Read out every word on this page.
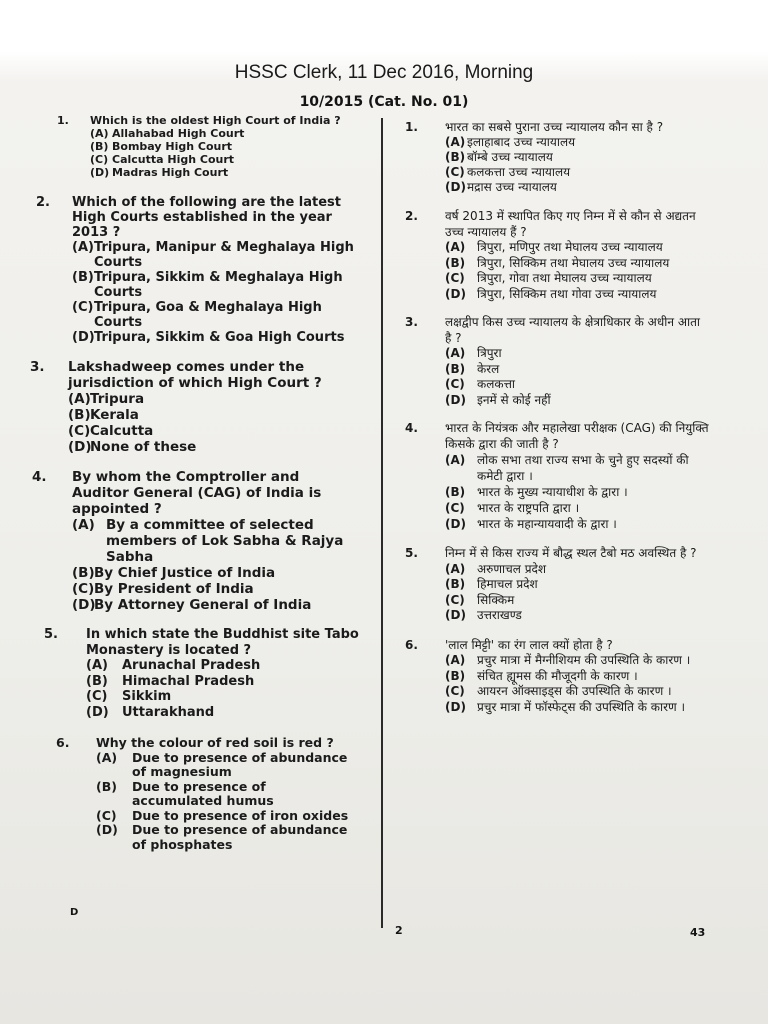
HSSC Clerk, 11 Dec 2016, Morning
10/2015 (Cat. No. 01)
1. Which is the oldest High Court of India ?
(A) Allahabad High Court
(B) Bombay High Court
(C) Calcutta High Court
(D) Madras High Court
2. Which of the following are the latest High Courts established in the year 2013 ?
(A) Tripura, Manipur & Meghalaya High Courts
(B) Tripura, Sikkim & Meghalaya High Courts
(C) Tripura, Goa & Meghalaya High Courts
(D) Tripura, Sikkim & Goa High Courts
3. Lakshadweep comes under the jurisdiction of which High Court ?
(A) Tripura
(B) Kerala
(C) Calcutta
(D)
None of these
4. By whom the Comptroller and Auditor General (CAG) of India is appointed ?
(A) By a committee of selected members of Lok Sabha & Rajya Sabha
(B) By Chief Justice of India
(C) By President of India
(D)
By Attorney General of India
5. In which state the Buddhist site Tabo Monastery is located ?
(A) Arunachal Pradesh
(B) Himachal Pradesh
(C) Sikkim
(D) Uttarakhand
6. Why the colour of red soil is red ?
(A)	Due to presence of abundance of magnesium
(B)	Due to presence of accumulated humus
(C)	Due to presence of iron oxides
(D)	Due to presence of abundance of phosphates
1. भारत का सबसे पुराना उच्च न्यायालय कौन सा है ?
(A) इलाहाबाद उच्च न्यायालय
(B) बॉम्बे उच्च न्यायालय
(C) कलकत्ता उच्च न्यायालय
(D) मद्रास उच्च न्यायालय
2. वर्ष 2013 में स्थापित किए गए निम्न में से कौन से अद्यतन उच्च न्यायालय हैं ?
(A) त्रिपुरा, मणिपुर तथा मेघालय उच्च न्यायालय
(B) त्रिपुरा, सिक्किम तथा मेघालय उच्च न्यायालय
(C)	त्रिपुरा, गोवा तथा मेघालय उच्च न्यायालय
(D) त्रिपुरा, सिक्किम तथा गोवा उच्च न्यायालय
3. लक्षद्वीप किस उच्च न्यायालय के क्षेत्राधिकार के अधीन आता है ?
(A) त्रिपुरा
(B) केरल
(C) कलकत्ता
(D) इनमें से कोई नहीं
4. भारत के नियंत्रक और महालेखा परीक्षक (CAG) की नियुक्ति किसके द्वारा की जाती है ?
(A) लोक सभा तथा राज्य सभा के चुने हुए सदस्यों की कमेटी द्वारा ।
(B) भारत के मुख्य न्यायाधीश के द्वारा ।
(C) भारत के राष्ट्रपति द्वारा ।
(D) भारत के महान्यायवादी के द्वारा ।
5. निम्न में से किस राज्य में बौद्ध स्थल टैबो मठ अवस्थित है ?
(A) अरुणाचल प्रदेश
(B) हिमाचल प्रदेश
(C) सिक्किम
(D) उत्तराखण्ड
6. 'लाल मिट्टी' का रंग लाल क्यों होता है ?
(A) प्रचुर मात्रा में मैग्नीशियम की उपस्थिति के कारण ।
(B) संचित ह्यूमस की मौजूदगी के कारण ।
(C)	आयरन ऑक्साइड्स की उपस्थिति के कारण ।
(D) प्रचुर मात्रा में फॉस्फेट्स की उपस्थिति के कारण ।
D
2	43
